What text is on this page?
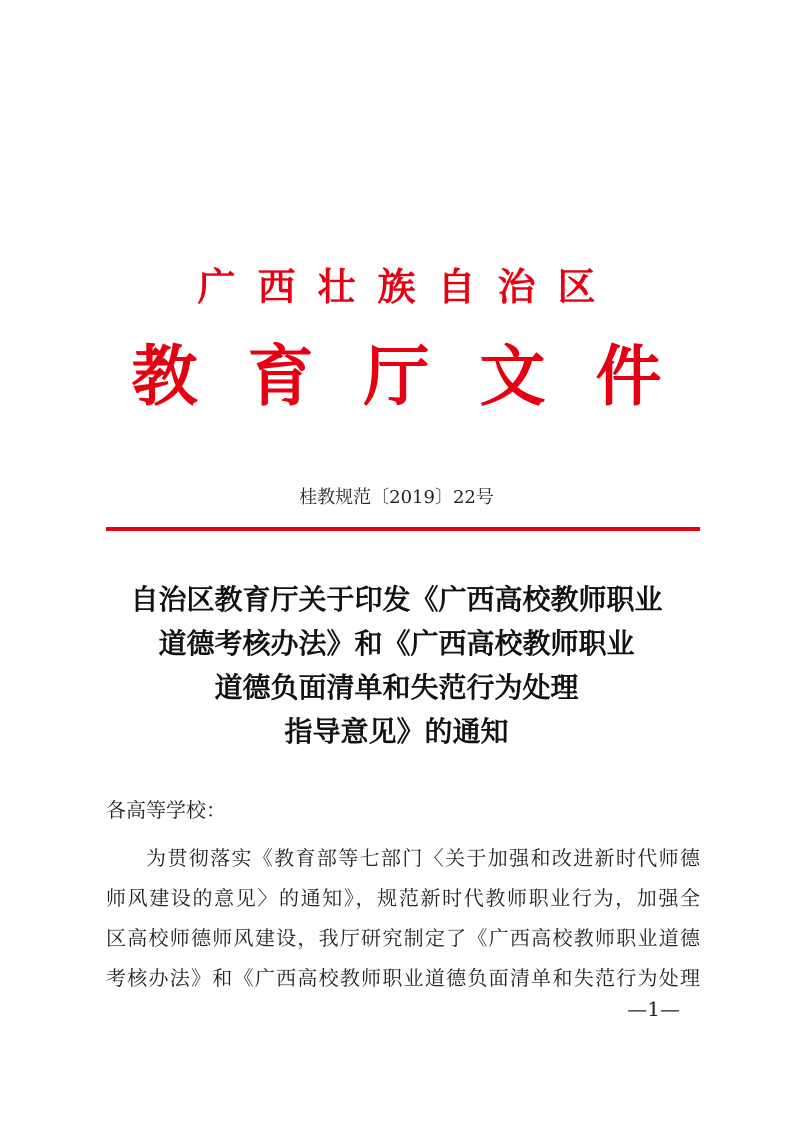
广西壮族自治区
教育厅文件
桂教规范〔2019〕22号
自治区教育厅关于印发《广西高校教师职业
道德考核办法》和《广西高校教师职业
道德负面清单和失范行为处理
指导意见》的通知
各高等学校：
为贯彻落实《教育部等七部门〈关于加强和改进新时代师德
师风建设的意见〉的通知》，规范新时代教师职业行为，加强全
区高校师德师风建设，我厅研究制定了《广西高校教师职业道德
考核办法》和《广西高校教师职业道德负面清单和失范行为处理
—1—
